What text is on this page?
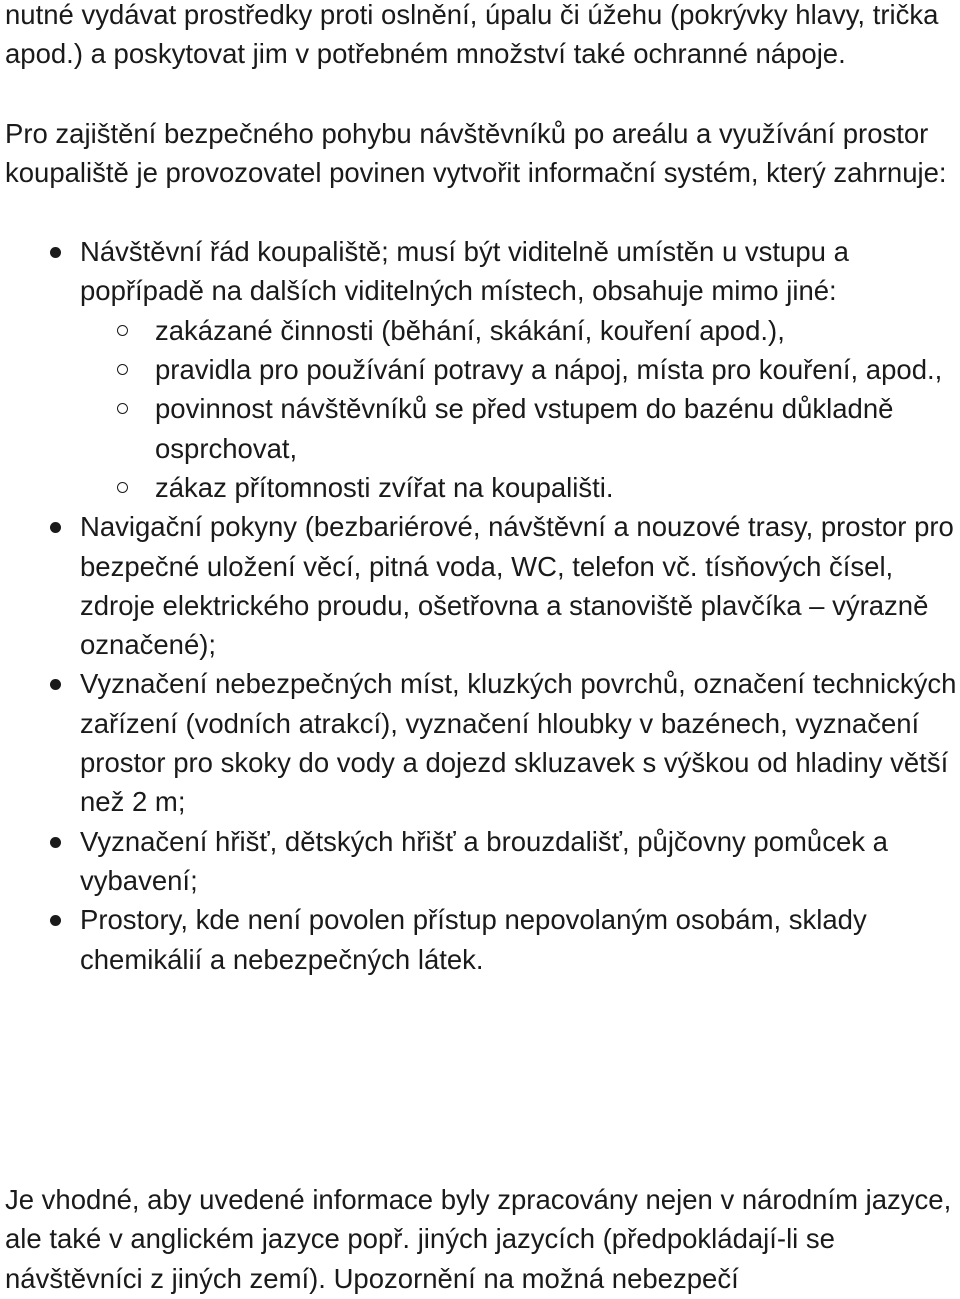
nutné vydávat prostředky proti oslnění, úpalu či úžehu (pokrývky hlavy, trička apod.) a poskytovat jim v potřebném množství také ochranné nápoje.

Pro zajištění bezpečného pohybu návštěvníků po areálu a využívání prostor koupaliště je provozovatel povinen vytvořit informační systém, který zahrnuje:

Návštěvní řád koupaliště; musí být viditelně umístěn u vstupu a popřípadě na dalších viditelných místech, obsahuje mimo jiné:
zakázané činnosti (běhání, skákání, kouření apod.),
pravidla pro používání potravy a nápoj, místa pro kouření, apod.,
povinnost návštěvníků se před vstupem do bazénu důkladně osprchovat,
zákaz přítomnosti zvířat na koupališti.
Navigační pokyny (bezbariérové, návštěvní a nouzové trasy, prostor pro bezpečné uložení věcí, pitná voda, WC, telefon vč. tísňových čísel, zdroje elektrického proudu, ošetřovna a stanoviště plavčíka – výrazně označené);
Vyznačení nebezpečných míst, kluzkých povrchů, označení technických zařízení (vodních atrakcí), vyznačení hloubky v bazénech, vyznačení prostor pro skoky do vody a dojezd skluzavek s výškou od hladiny větší než 2 m;
Vyznačení hřišť, dětských hřišť a brouzdališť, půjčovny pomůcek a vybavení;
Prostory, kde není povolen přístup nepovolaným osobám, sklady chemikálií a nebezpečných látek.

Je vhodné, aby uvedené informace byly zpracovány nejen v národním jazyce, ale také v anglickém jazyce popř. jiných jazycích (předpokládají-li se návštěvníci z jiných zemí). Upozornění na možná nebezpečí
